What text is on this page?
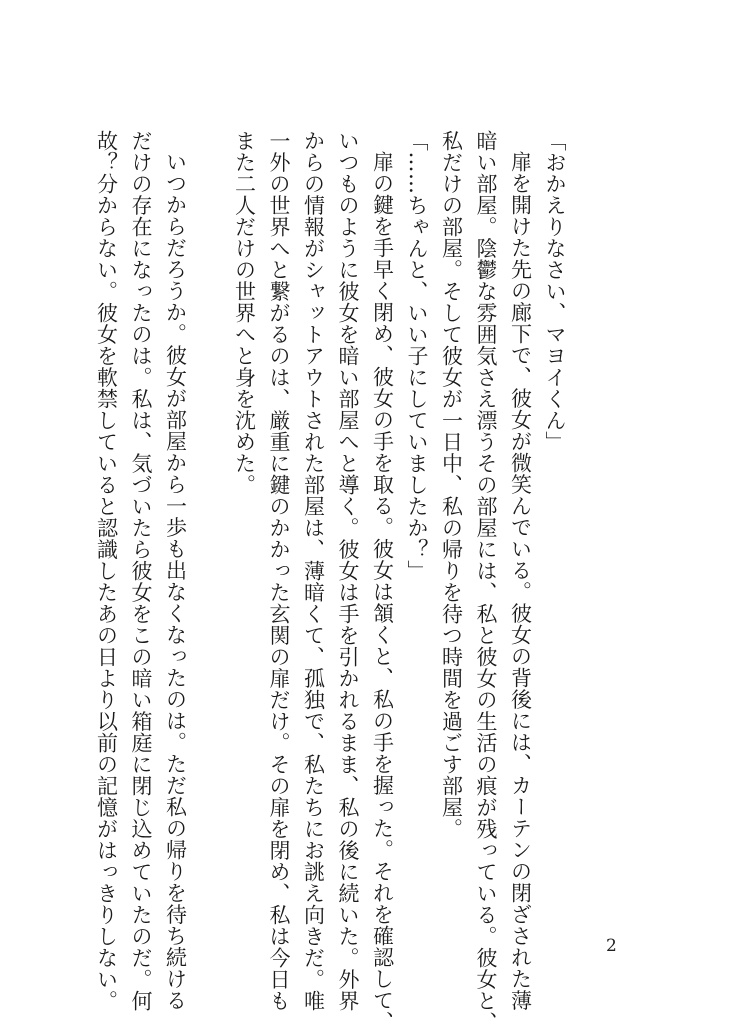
「おかえりなさい、マヨイくん」
扉を開けた先の廊下で、彼女が微笑んでいる。彼女の背後には、カーテンの閉ざされた薄
暗い部屋。陰鬱な雰囲気さえ漂うその部屋には、私と彼女の生活の痕が残っている。彼女と、
私だけの部屋。そして彼女が一日中、私の帰りを待つ時間を過ごす部屋。
「……ちゃんと、いい子にしていましたか？」
扉の鍵を手早く閉め、彼女の手を取る。彼女は頷くと、私の手を握った。それを確認して、
いつものように彼女を暗い部屋へと導く。彼女は手を引かれるまま、私の後に続いた。外界
からの情報がシャットアウトされた部屋は、薄暗くて、孤独で、私たちにお誂え向きだ。唯
一外の世界へと繋がるのは、厳重に鍵のかかった玄関の扉だけ。その扉を閉め、私は今日も
また二人だけの世界へと身を沈めた。
いつからだろうか。彼女が部屋から一歩も出なくなったのは。ただ私の帰りを待ち続ける
だけの存在になったのは。私は、気づいたら彼女をこの暗い箱庭に閉じ込めていたのだ。何
故？分からない。彼女を軟禁していると認識したあの日より以前の記憶がはっきりしない。	2
